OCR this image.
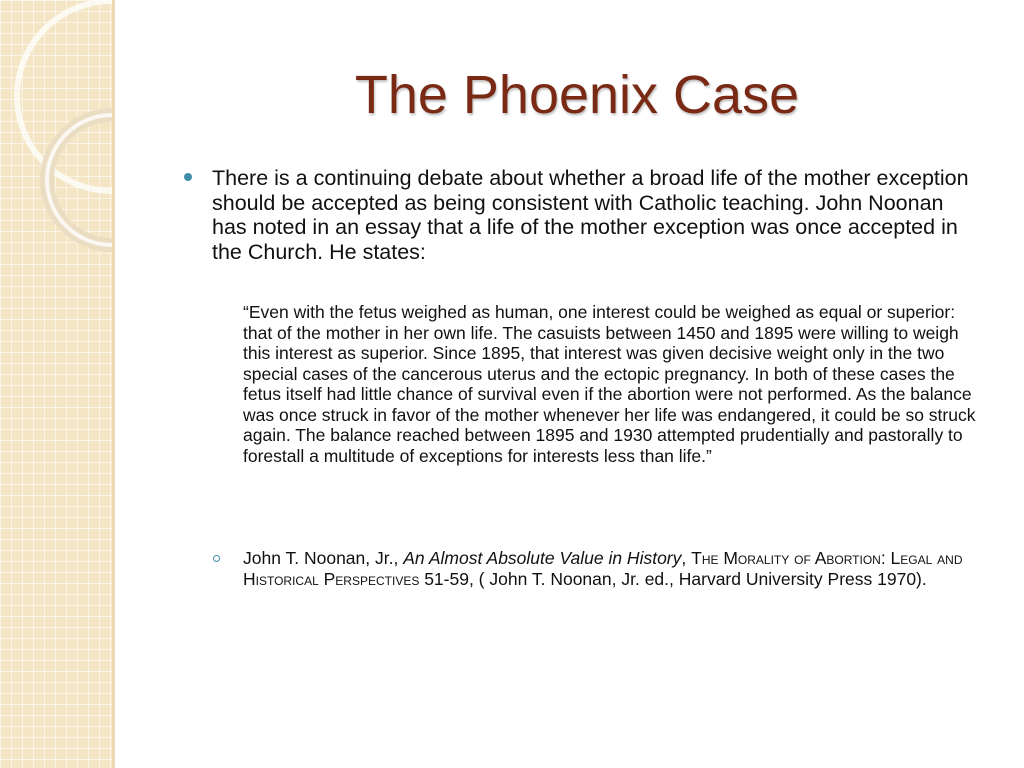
The Phoenix Case
There is a continuing debate about whether a broad life of the mother exception should be accepted as being consistent with Catholic teaching. John Noonan has noted in an essay that a life of the mother exception was once accepted in the Church. He states:
“Even with the fetus weighed as human, one interest could be weighed as equal or superior: that of the mother in her own life. The casuists between 1450 and 1895 were willing to weigh this interest as superior. Since 1895, that interest was given decisive weight only in the two special cases of the cancerous uterus and the ectopic pregnancy. In both of these cases the fetus itself had little chance of survival even if the abortion were not performed. As the balance was once struck in favor of the mother whenever her life was endangered, it could be so struck again. The balance reached between 1895 and 1930 attempted prudentially and pastorally to forestall a multitude of exceptions for interests less than life.”
John T. Noonan, Jr., An Almost Absolute Value in History, The Morality of Abortion: Legal and Historical Perspectives 51-59, ( John T. Noonan, Jr. ed., Harvard University Press 1970).
